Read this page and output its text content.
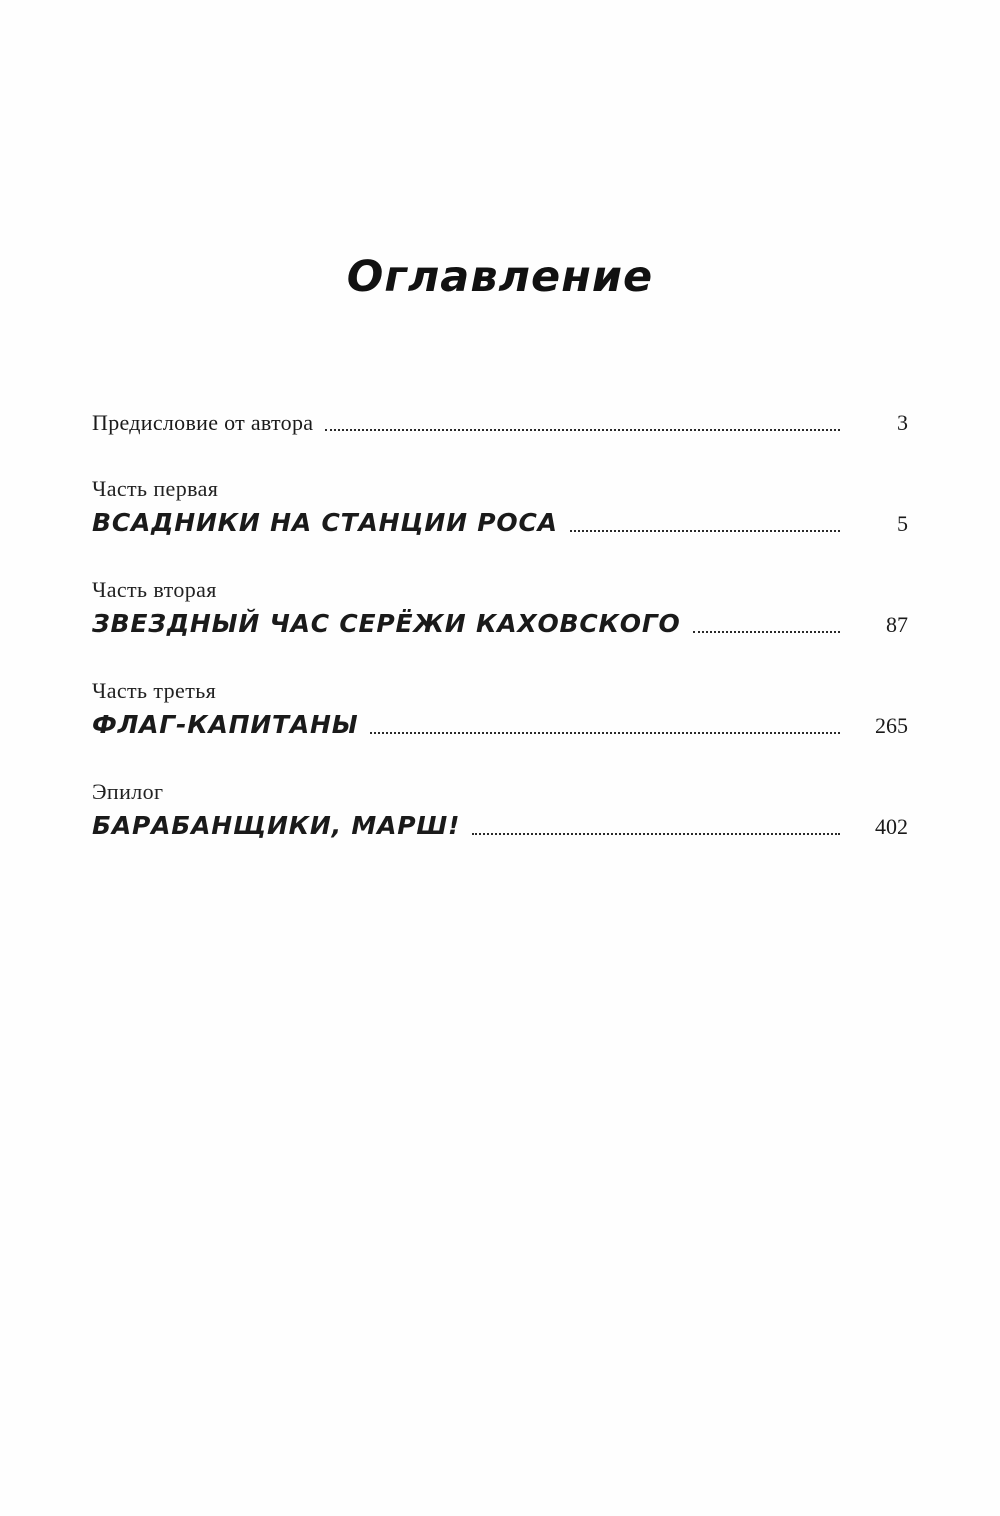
Оглавление
Предисловие от автора	3
Часть первая
ВСАДНИКИ НА СТАНЦИИ РОСА	5
Часть вторая
ЗВЕЗДНЫЙ ЧАС СЕРЁЖИ КАХОВСКОГО	87
Часть третья
ФЛАГ-КАПИТАНЫ	265
Эпилог
БАРАБАНЩИКИ, МАРШ!	402
